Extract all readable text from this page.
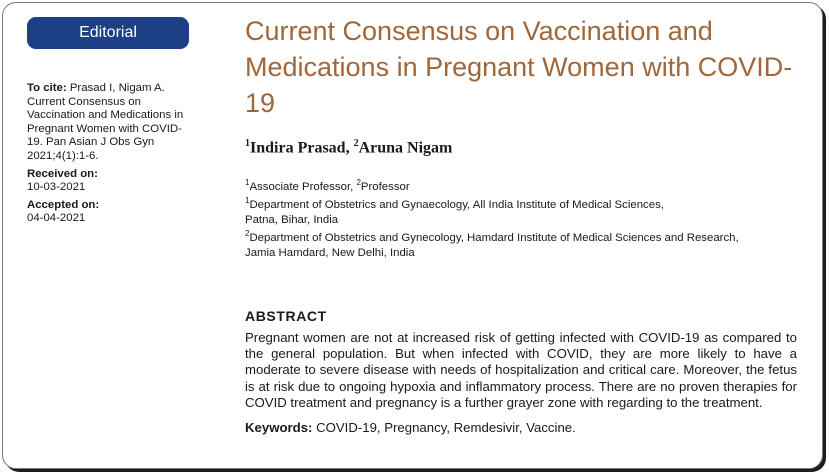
Editorial
To cite: Prasad I, Nigam A. Current Consensus on Vaccination and Medications in Pregnant Women with COVID-19. Pan Asian J Obs Gyn 2021;4(1):1-6.
Received on:
10-03-2021
Accepted on:
04-04-2021
Current Consensus on Vaccination and Medications in Pregnant Women with COVID-19
$^1$Indira Prasad, $^2$Aruna Nigam
$^1$Associate Professor, $^2$Professor
$^1$Department of Obstetrics and Gynaecology, All India Institute of Medical Sciences,
Patna, Bihar, India
$^2$Department of Obstetrics and Gynecology, Hamdard Institute of Medical Sciences and Research,
Jamia Hamdard, New Delhi, India
ABSTRACT

Pregnant women are not at increased risk of getting infected with COVID-19 as compared to the general population. But when infected with COVID, they are more likely to have a moderate to severe disease with needs of hospitalization and critical care. Moreover, the fetus is at risk due to ongoing hypoxia and inflammatory process. There are no proven therapies for COVID treatment and pregnancy is a further grayer zone with regarding to the treatment.

Keywords: COVID-19, Pregnancy, Remdesivir, Vaccine.
